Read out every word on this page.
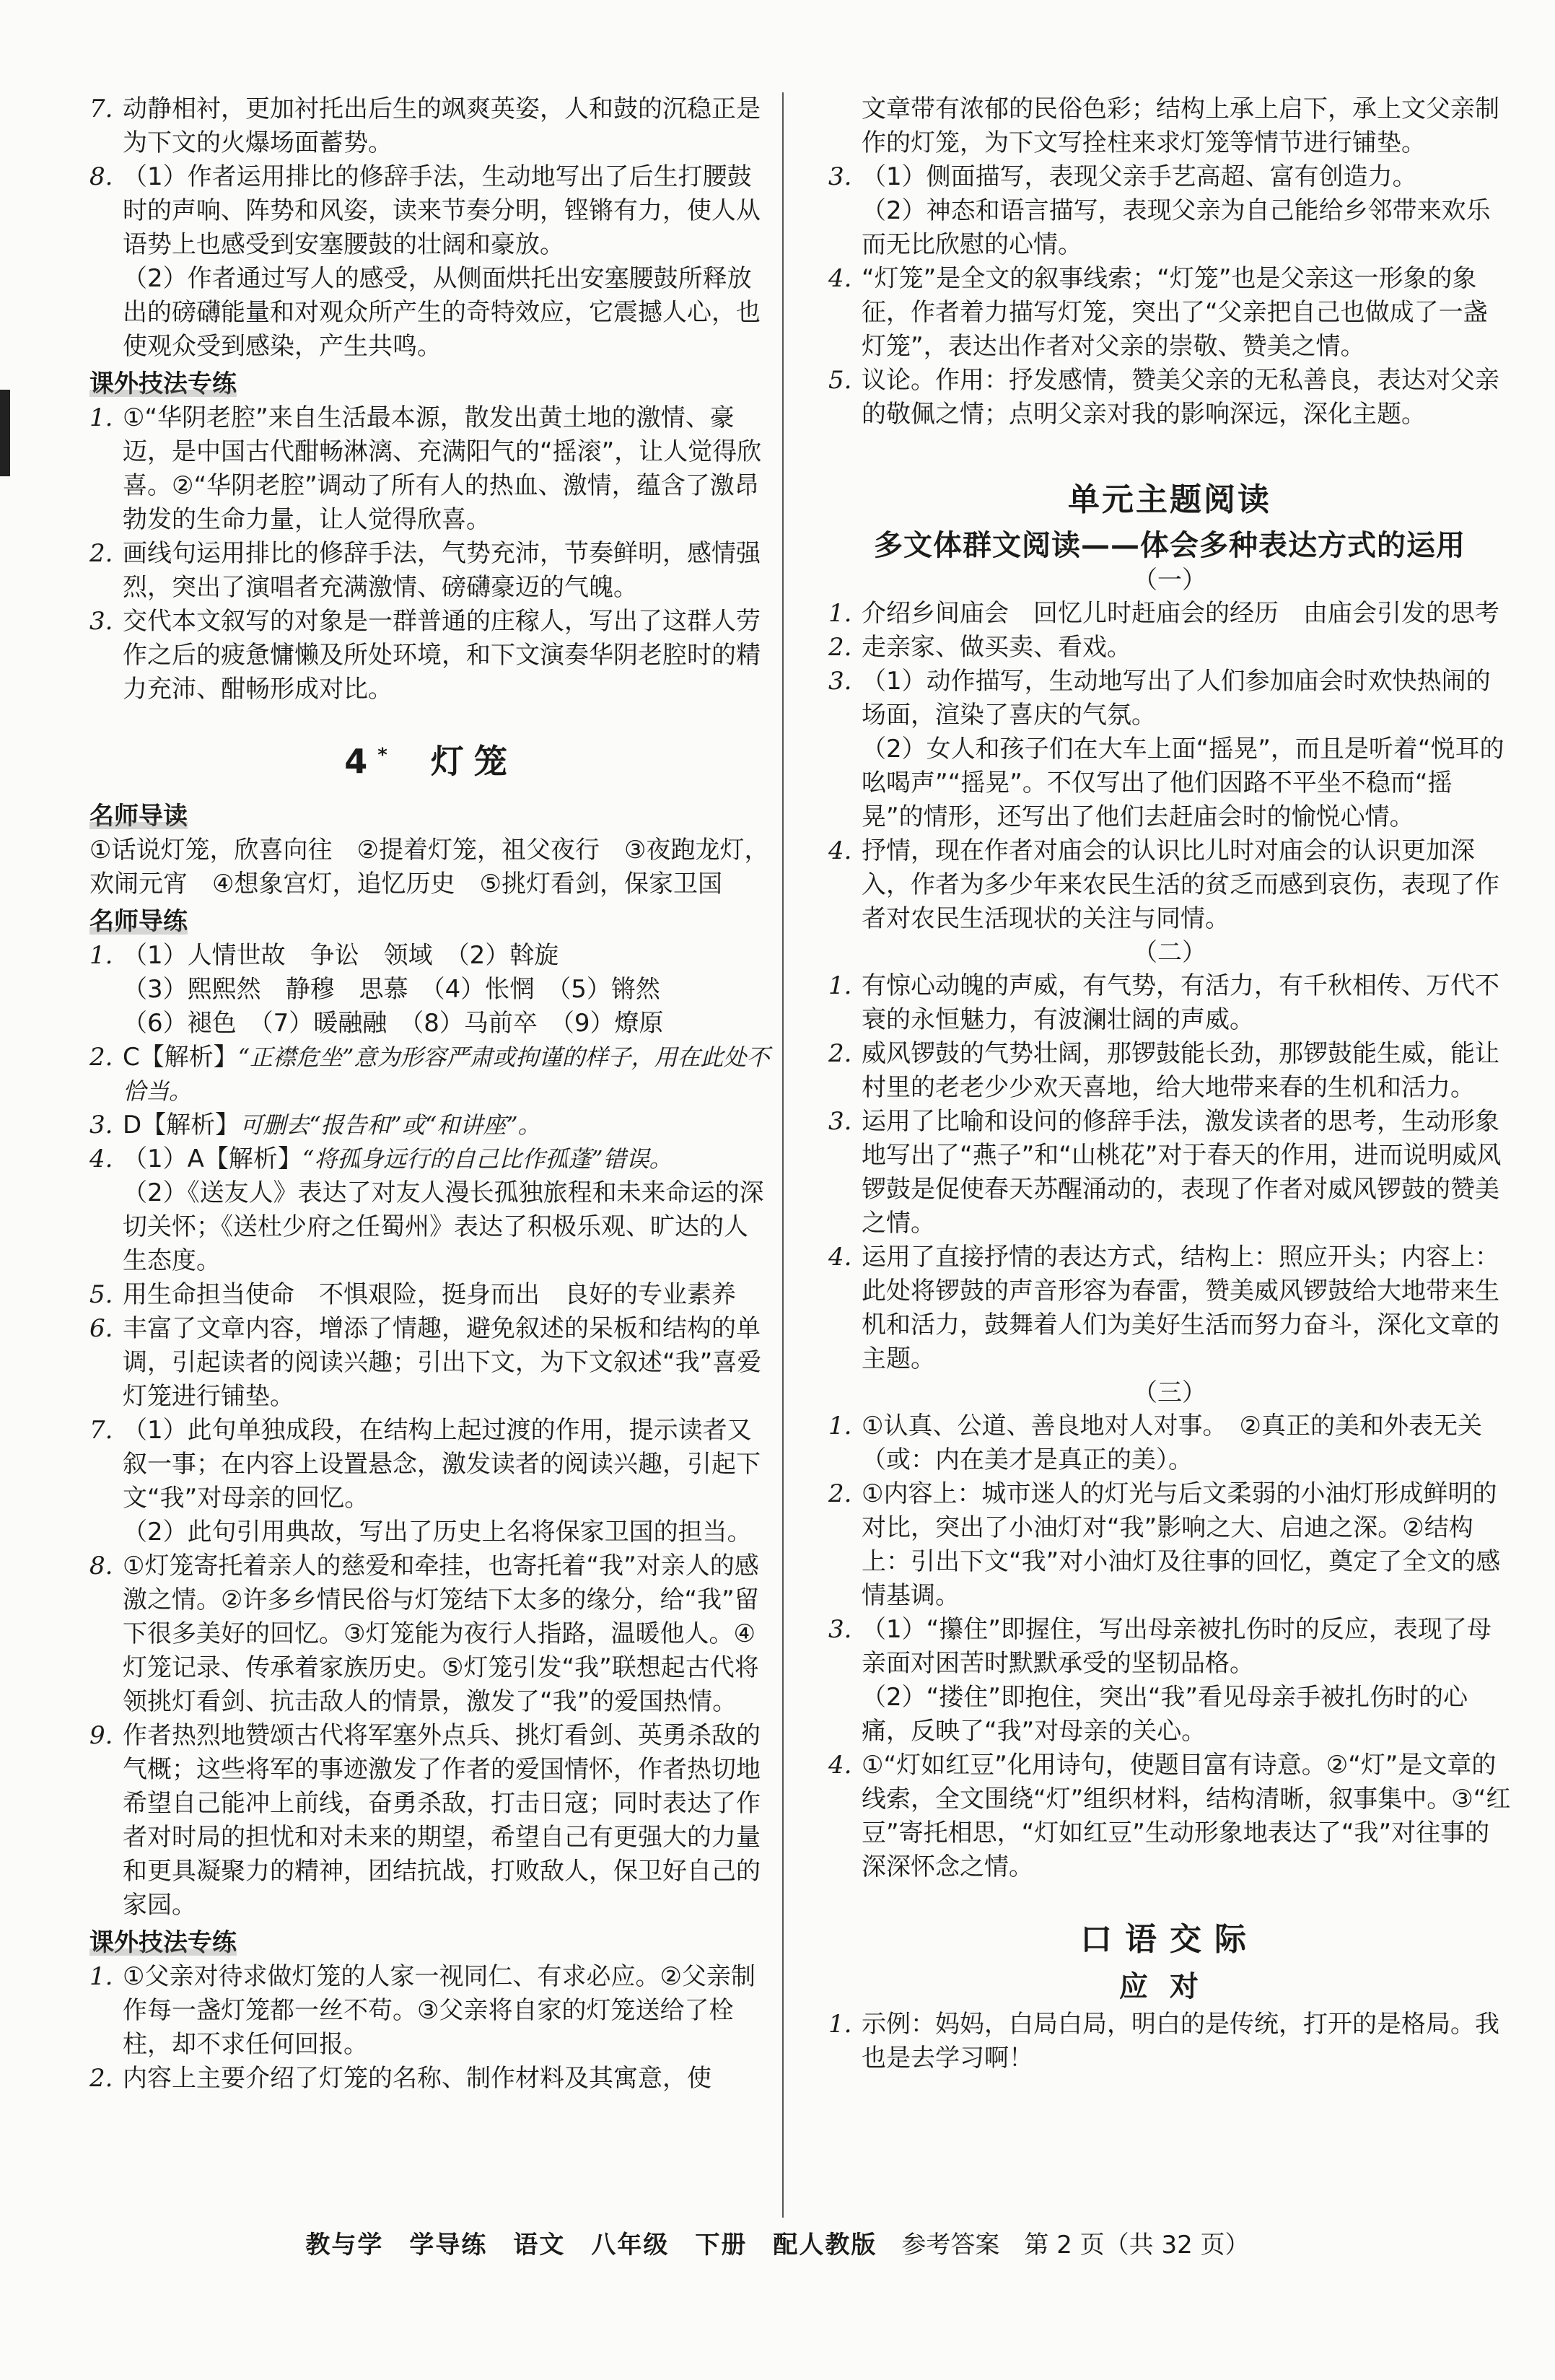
7. 动静相衬，更加衬托出后生的飒爽英姿，人和鼓的沉稳正是为下文的火爆场面蓄势。

8. （1）作者运用排比的修辞手法，生动地写出了后生打腰鼓时的声响、阵势和风姿，读来节奏分明，铿锵有力，使人从语势上也感受到安塞腰鼓的壮阔和豪放。

（2）作者通过写人的感受，从侧面烘托出安塞腰鼓所释放出的磅礴能量和对观众所产生的奇特效应，它震撼人心，也使观众受到感染，产生共鸣。

课外技法专练
1. ①“华阴老腔”来自生活最本源，散发出黄土地的激情、豪迈，是中国古代酣畅淋漓、充满阳气的“摇滚”，让人觉得欣喜。②“华阴老腔”调动了所有人的热血、激情，蕴含了激昂勃发的生命力量，让人觉得欣喜。

2. 画线句运用排比的修辞手法，气势充沛，节奏鲜明，感情强烈，突出了演唱者充满激情、磅礴豪迈的气魄。

3. 交代本文叙写的对象是一群普通的庄稼人，写出了这群人劳作之后的疲惫慵懒及所处环境，和下文演奏华阴老腔时的精力充沛、酣畅形成对比。

4*　 灯笼
名师导读

①话说灯笼，欣喜向往　②提着灯笼，祖父夜行　③夜跑龙灯，欢闹元宵　④想象宫灯，追忆历史　⑤挑灯看剑，保家卫国

名师导练
1. （1）人情世故　争讼　领域　（2）斡旋

（3）熙熙然　静穆　思慕　（4）怅惘　（5）锵然

（6）褪色　（7）暖融融　（8）马前卒　（9）燎原

2. C【解析】“正襟危坐”意为形容严肃或拘谨的样子，用在此处不恰当。

3. D【解析】可删去“报告和”或“和讲座”。

4. （1）A【解析】“将孤身远行的自己比作孤蓬”错误。

（2）《送友人》表达了对友人漫长孤独旅程和未来命运的深切关怀；《送杜少府之任蜀州》表达了积极乐观、旷达的人生态度。

5. 用生命担当使命　不惧艰险，挺身而出　良好的专业素养

6. 丰富了文章内容，增添了情趣，避免叙述的呆板和结构的单调，引起读者的阅读兴趣；引出下文，为下文叙述“我”喜爱灯笼进行铺垫。

7. （1）此句单独成段，在结构上起过渡的作用，提示读者又叙一事；在内容上设置悬念，激发读者的阅读兴趣，引起下文“我”对母亲的回忆。

（2）此句引用典故，写出了历史上名将保家卫国的担当。

8. ①灯笼寄托着亲人的慈爱和牵挂，也寄托着“我”对亲人的感激之情。②许多乡情民俗与灯笼结下太多的缘分，给“我”留下很多美好的回忆。③灯笼能为夜行人指路，温暖他人。④灯笼记录、传承着家族历史。⑤灯笼引发“我”联想起古代将领挑灯看剑、抗击敌人的情景，激发了“我”的爱国热情。

9. 作者热烈地赞颂古代将军塞外点兵、挑灯看剑、英勇杀敌的气概；这些将军的事迹激发了作者的爱国情怀，作者热切地希望自己能冲上前线，奋勇杀敌，打击日寇；同时表达了作者对时局的担忧和对未来的期望，希望自己有更强大的力量和更具凝聚力的精神，团结抗战，打败敌人，保卫好自己的家园。

课外技法专练
1. ①父亲对待求做灯笼的人家一视同仁、有求必应。②父亲制作每一盏灯笼都一丝不苟。③父亲将自家的灯笼送给了栓柱，却不求任何回报。

2. 内容上主要介绍了灯笼的名称、制作材料及其寓意，使

文章带有浓郁的民俗色彩；结构上承上启下，承上文父亲制作的灯笼，为下文写拴柱来求灯笼等情节进行铺垫。

3. （1）侧面描写，表现父亲手艺高超、富有创造力。

（2）神态和语言描写，表现父亲为自己能给乡邻带来欢乐而无比欣慰的心情。

4. “灯笼”是全文的叙事线索；“灯笼”也是父亲这一形象的象征，作者着力描写灯笼，突出了“父亲把自己也做成了一盏灯笼”，表达出作者对父亲的崇敬、赞美之情。

5. 议论。作用：抒发感情，赞美父亲的无私善良，表达对父亲的敬佩之情；点明父亲对我的影响深远，深化主题。

单元主题阅读
多文体群文阅读——体会多种表达方式的运用
（一）
1. 介绍乡间庙会　回忆儿时赶庙会的经历　由庙会引发的思考

2. 走亲家、做买卖、看戏。

3. （1）动作描写，生动地写出了人们参加庙会时欢快热闹的场面，渲染了喜庆的气氛。

（2）女人和孩子们在大车上面“摇晃”，而且是听着“悦耳的吆喝声”“摇晃”。不仅写出了他们因路不平坐不稳而“摇晃”的情形，还写出了他们去赶庙会时的愉悦心情。

4. 抒情，现在作者对庙会的认识比儿时对庙会的认识更加深入，作者为多少年来农民生活的贫乏而感到哀伤，表现了作者对农民生活现状的关注与同情。

（二）
1. 有惊心动魄的声威，有气势，有活力，有千秋相传、万代不衰的永恒魅力，有波澜壮阔的声威。

2. 威风锣鼓的气势壮阔，那锣鼓能长劲，那锣鼓能生威，能让村里的老老少少欢天喜地，给大地带来春的生机和活力。

3. 运用了比喻和设问的修辞手法，激发读者的思考，生动形象地写出了“燕子”和“山桃花”对于春天的作用，进而说明威风锣鼓是促使春天苏醒涌动的，表现了作者对威风锣鼓的赞美之情。

4. 运用了直接抒情的表达方式，结构上：照应开头；内容上：此处将锣鼓的声音形容为春雷，赞美威风锣鼓给大地带来生机和活力，鼓舞着人们为美好生活而努力奋斗，深化文章的主题。

（三）
1. ①认真、公道、善良地对人对事。　②真正的美和外表无关（或：内在美才是真正的美）。

2. ①内容上：城市迷人的灯光与后文柔弱的小油灯形成鲜明的对比，突出了小油灯对“我”影响之大、启迪之深。②结构上：引出下文“我”对小油灯及往事的回忆，奠定了全文的感情基调。

3. （1）“攥住”即握住，写出母亲被扎伤时的反应，表现了母亲面对困苦时默默承受的坚韧品格。

（2）“搂住”即抱住，突出“我”看见母亲手被扎伤时的心痛，反映了“我”对母亲的关心。

4. ①“灯如红豆”化用诗句，使题目富有诗意。②“灯”是文章的线索，全文围绕“灯”组织材料，结构清晰，叙事集中。③“红豆”寄托相思，“灯如红豆”生动形象地表达了“我”对往事的深深怀念之情。

口语交际
应对
1. 示例：妈妈，白局白局，明白的是传统，打开的是格局。我也是去学习啊！

教与学　学导练　语文　八年级　下册　配人教版 参考答案　第 2 页（共 32 页）
